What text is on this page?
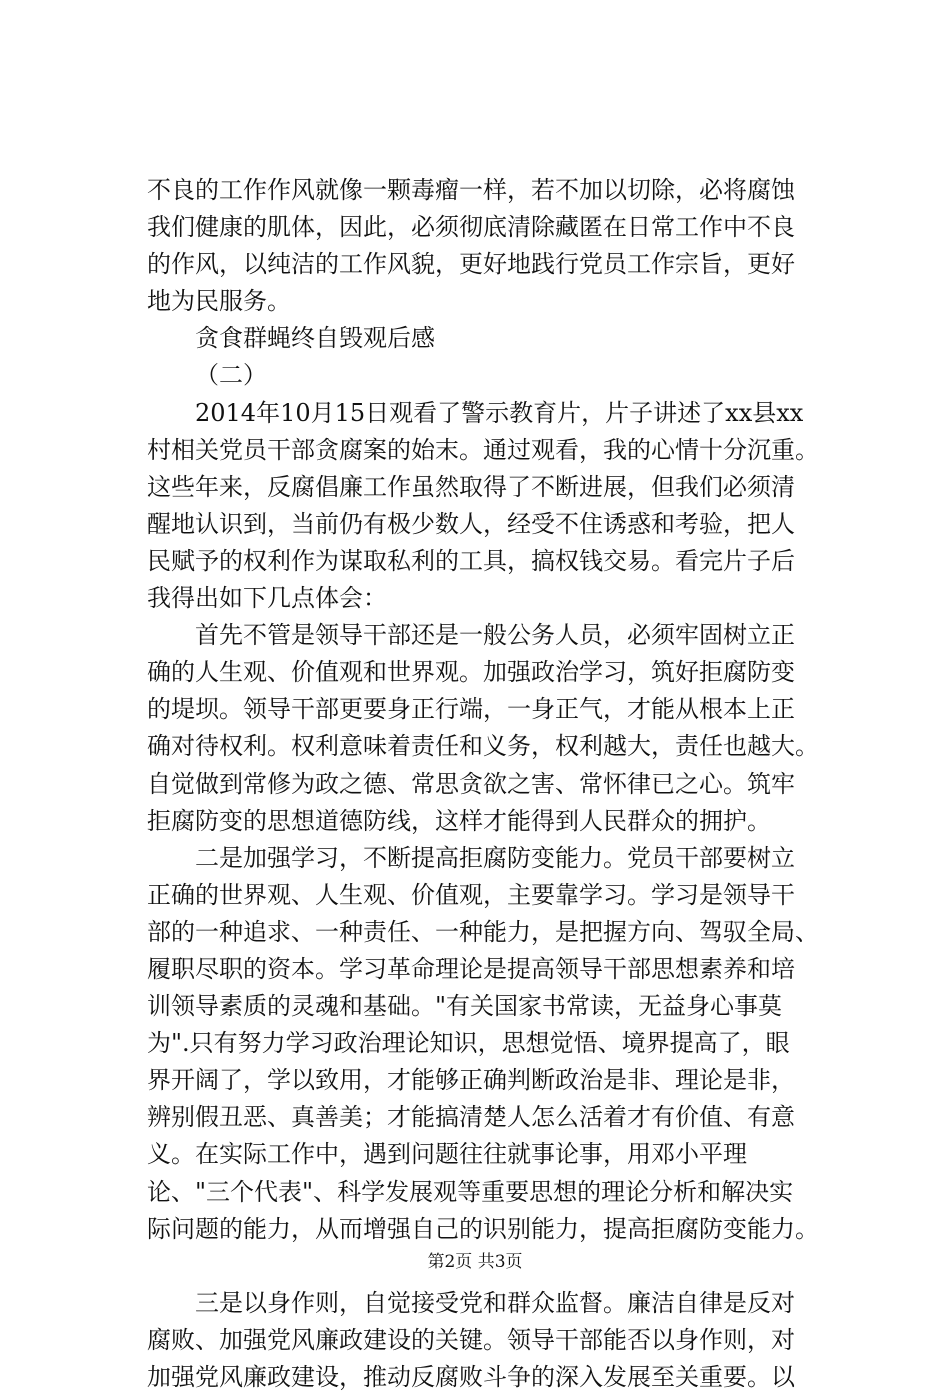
不良的工作作风就像一颗毒瘤一样，若不加以切除，必将腐蚀
我们健康的肌体，因此，必须彻底清除藏匿在日常工作中不良
的作风，以纯洁的工作风貌，更好地践行党员工作宗旨，更好
地为民服务。
贪食群蝇终自毁观后感
（二）
2014年10月15日观看了警示教育片，片子讲述了xx县xx
村相关党员干部贪腐案的始末。通过观看，我的心情十分沉重。
这些年来，反腐倡廉工作虽然取得了不断进展，但我们必须清
醒地认识到，当前仍有极少数人，经受不住诱惑和考验，把人
民赋予的权利作为谋取私利的工具，搞权钱交易。看完片子后
我得出如下几点体会：
首先不管是领导干部还是一般公务人员，必须牢固树立正
确的人生观、价值观和世界观。加强政治学习，筑好拒腐防变
的堤坝。领导干部更要身正行端，一身正气，才能从根本上正
确对待权利。权利意味着责任和义务，权利越大，责任也越大。
自觉做到常修为政之德、常思贪欲之害、常怀律已之心。筑牢
拒腐防变的思想道德防线，这样才能得到人民群众的拥护。
二是加强学习，不断提高拒腐防变能力。党员干部要树立
正确的世界观、人生观、价值观，主要靠学习。学习是领导干
部的一种追求、一种责任、一种能力，是把握方向、驾驭全局、
履职尽职的资本。学习革命理论是提高领导干部思想素养和培
训领导素质的灵魂和基础。"有关国家书常读，无益身心事莫
为".只有努力学习政治理论知识，思想觉悟、境界提高了，眼
界开阔了，学以致用，才能够正确判断政治是非、理论是非，
辨别假丑恶、真善美；才能搞清楚人怎么活着才有价值、有意
义。在实际工作中，遇到问题往往就事论事，用邓小平理
论、"三个代表"、科学发展观等重要思想的理论分析和解决实
际问题的能力，从而增强自己的识别能力，提高拒腐防变能力。
三是以身作则，自觉接受党和群众监督。廉洁自律是反对
腐败、加强党风廉政建设的关键。领导干部能否以身作则，对
加强党风廉政建设，推动反腐败斗争的深入发展至关重要。以
第2页 共3页
